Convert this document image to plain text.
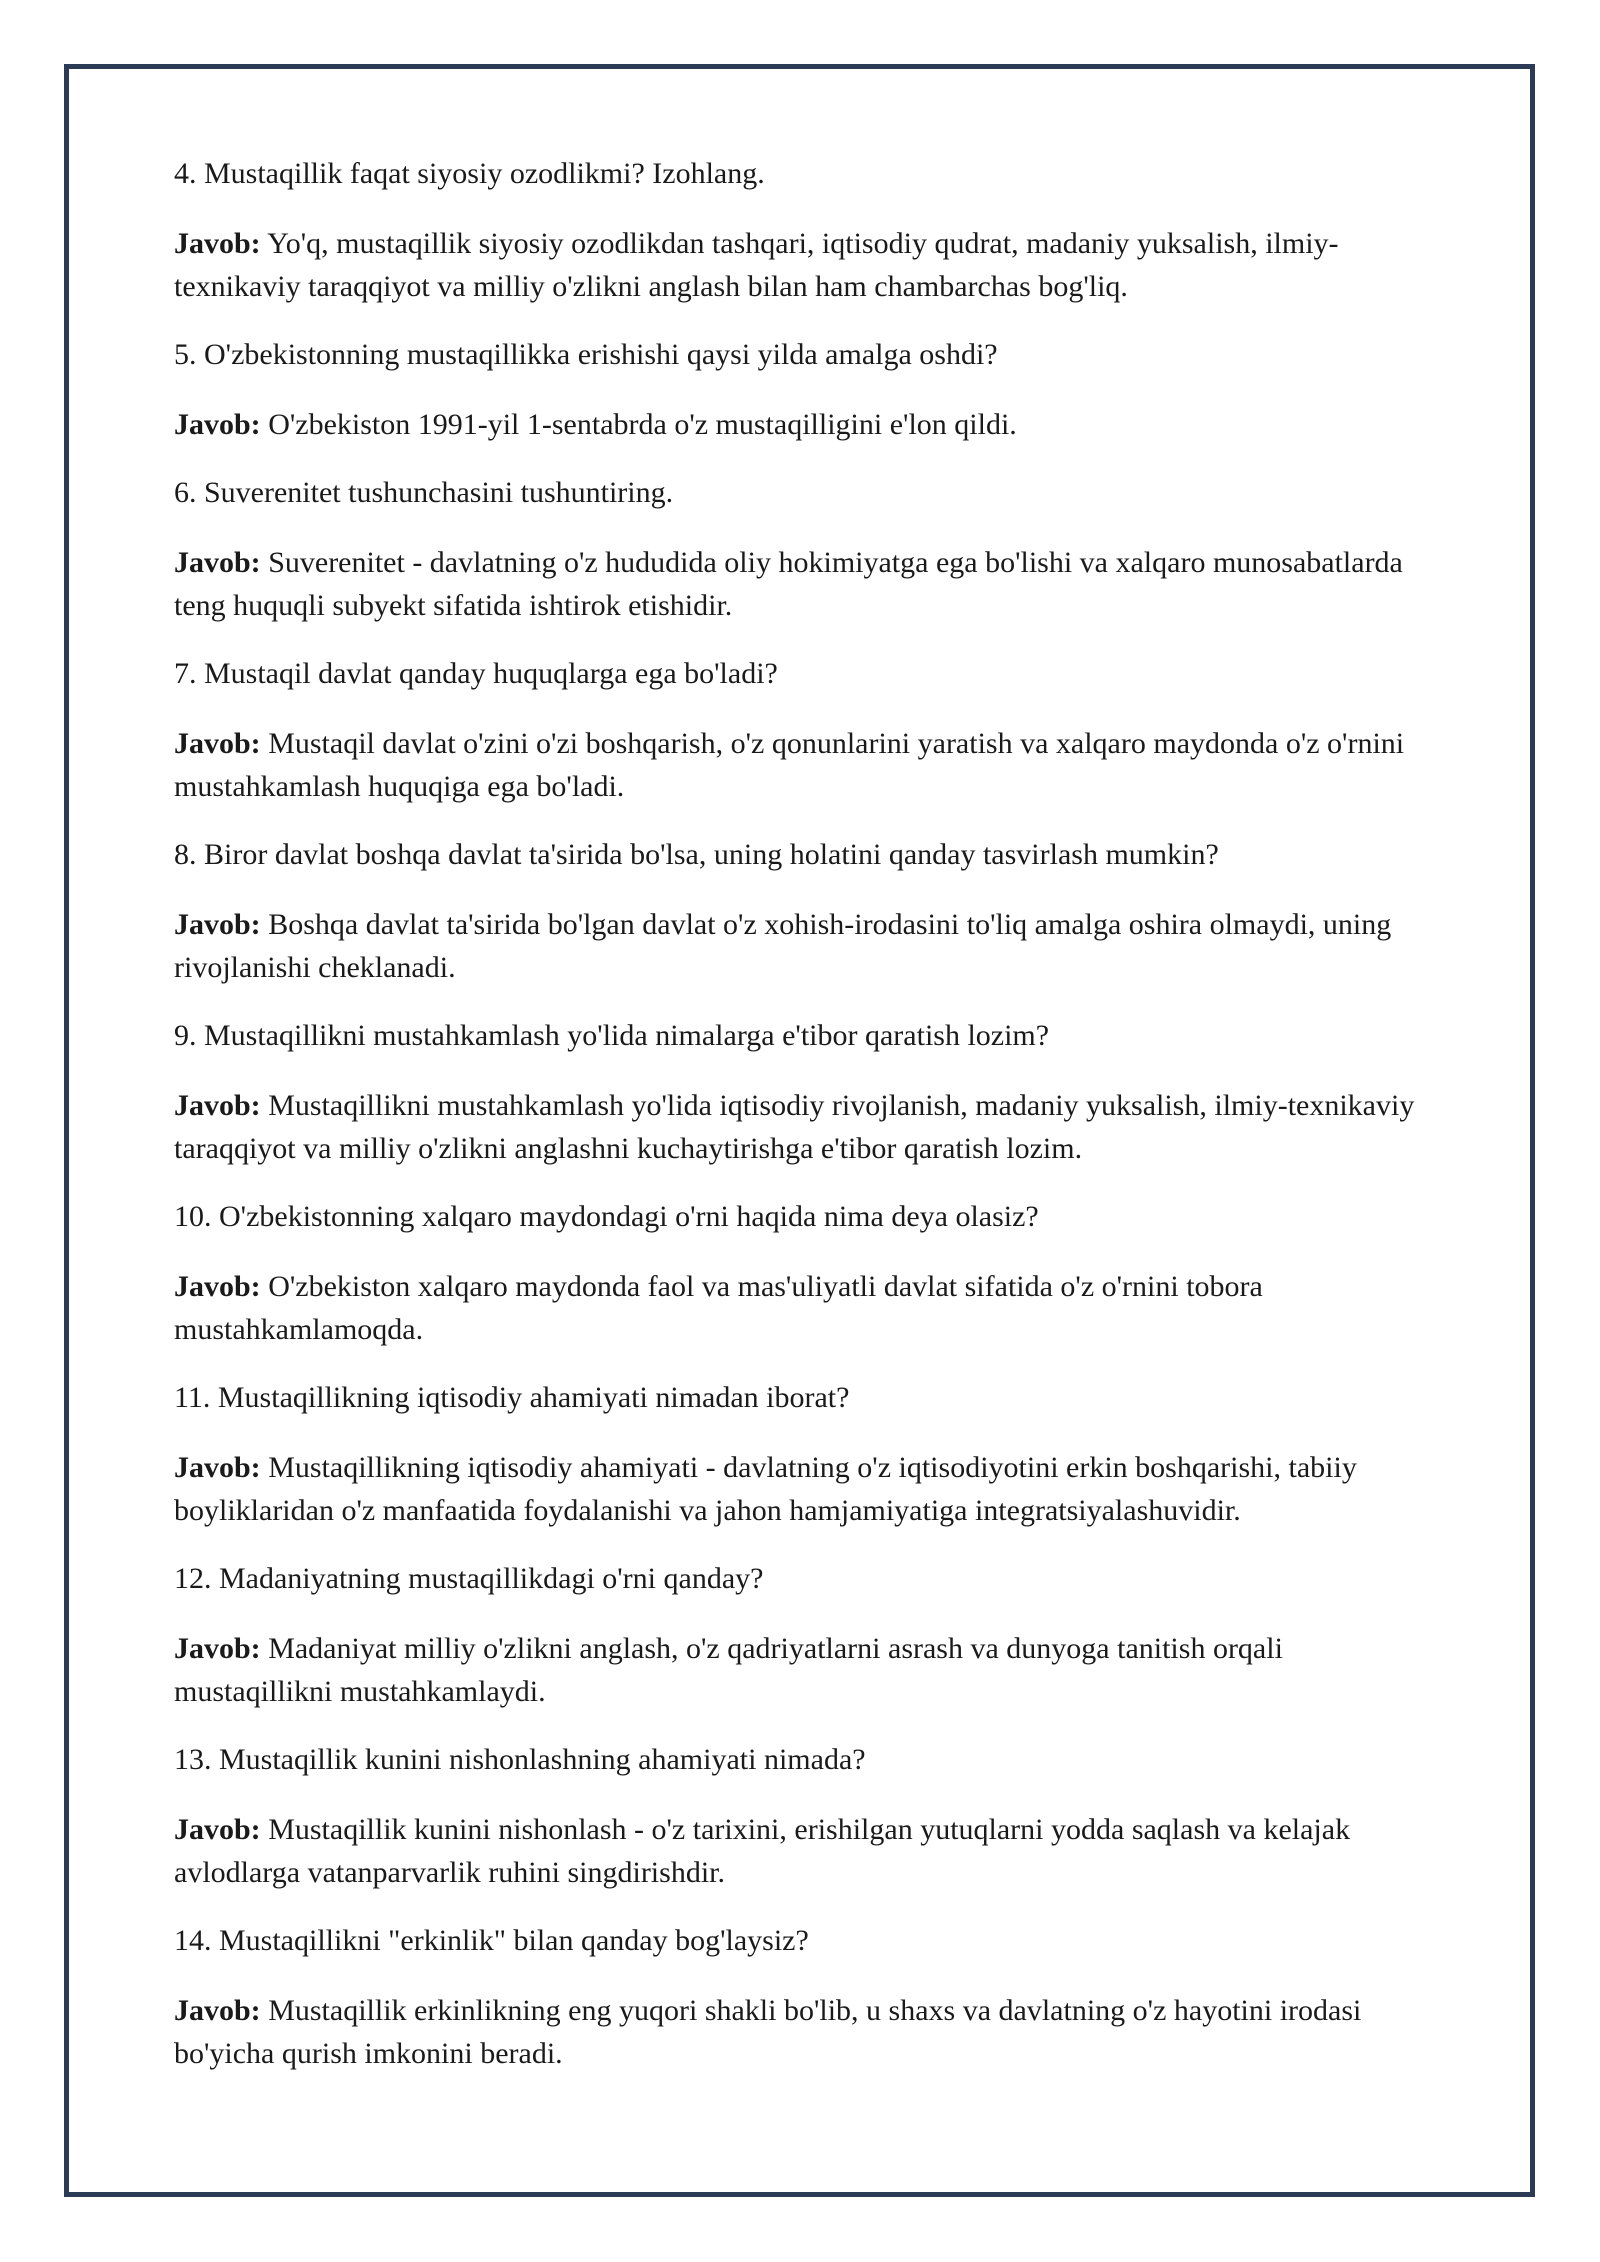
4. Mustaqillik faqat siyosiy ozodlikmi? Izohlang.

Javob: Yo'q, mustaqillik siyosiy ozodlikdan tashqari, iqtisodiy qudrat, madaniy yuksalish, ilmiy-texnikaviy taraqqiyot va milliy o'zlikni anglash bilan ham chambarchas bog'liq.

5. O'zbekistonning mustaqillikka erishishi qaysi yilda amalga oshdi?

Javob: O'zbekiston 1991-yil 1-sentabrda o'z mustaqilligini e'lon qildi.

6. Suverenitet tushunchasini tushuntiring.

Javob: Suverenitet - davlatning o'z hududida oliy hokimiyatga ega bo'lishi va xalqaro munosabatlarda teng huquqli subyekt sifatida ishtirok etishidir.

7. Mustaqil davlat qanday huquqlarga ega bo'ladi?

Javob: Mustaqil davlat o'zini o'zi boshqarish, o'z qonunlarini yaratish va xalqaro maydonda o'z o'rnini mustahkamlash huquqiga ega bo'ladi.

8. Biror davlat boshqa davlat ta'sirida bo'lsa, uning holatini qanday tasvirlash mumkin?

Javob: Boshqa davlat ta'sirida bo'lgan davlat o'z xohish-irodasini to'liq amalga oshira olmaydi, uning rivojlanishi cheklanadi.

9. Mustaqillikni mustahkamlash yo'lida nimalarga e'tibor qaratish lozim?

Javob: Mustaqillikni mustahkamlash yo'lida iqtisodiy rivojlanish, madaniy yuksalish, ilmiy-texnikaviy taraqqiyot va milliy o'zlikni anglashni kuchaytirishga e'tibor qaratish lozim.

10. O'zbekistonning xalqaro maydondagi o'rni haqida nima deya olasiz?

Javob: O'zbekiston xalqaro maydonda faol va mas'uliyatli davlat sifatida o'z o'rnini tobora mustahkamlamoqda.

11. Mustaqillikning iqtisodiy ahamiyati nimadan iborat?

Javob: Mustaqillikning iqtisodiy ahamiyati - davlatning o'z iqtisodiyotini erkin boshqarishi, tabiiy boyliklaridan o'z manfaatida foydalanishi va jahon hamjamiyatiga integratsiyalashuvidir.

12. Madaniyatning mustaqillikdagi o'rni qanday?

Javob: Madaniyat milliy o'zlikni anglash, o'z qadriyatlarni asrash va dunyoga tanitish orqali mustaqillikni mustahkamlaydi.

13. Mustaqillik kunini nishonlashning ahamiyati nimada?

Javob: Mustaqillik kunini nishonlash - o'z tarixini, erishilgan yutuqlarni yodda saqlash va kelajak avlodlarga vatanparvarlik ruhini singdirishdir.

14. Mustaqillikni "erkinlik" bilan qanday bog'laysiz?

Javob: Mustaqillik erkinlikning eng yuqori shakli bo'lib, u shaxs va davlatning o'z hayotini irodasi bo'yicha qurish imkonini beradi.
